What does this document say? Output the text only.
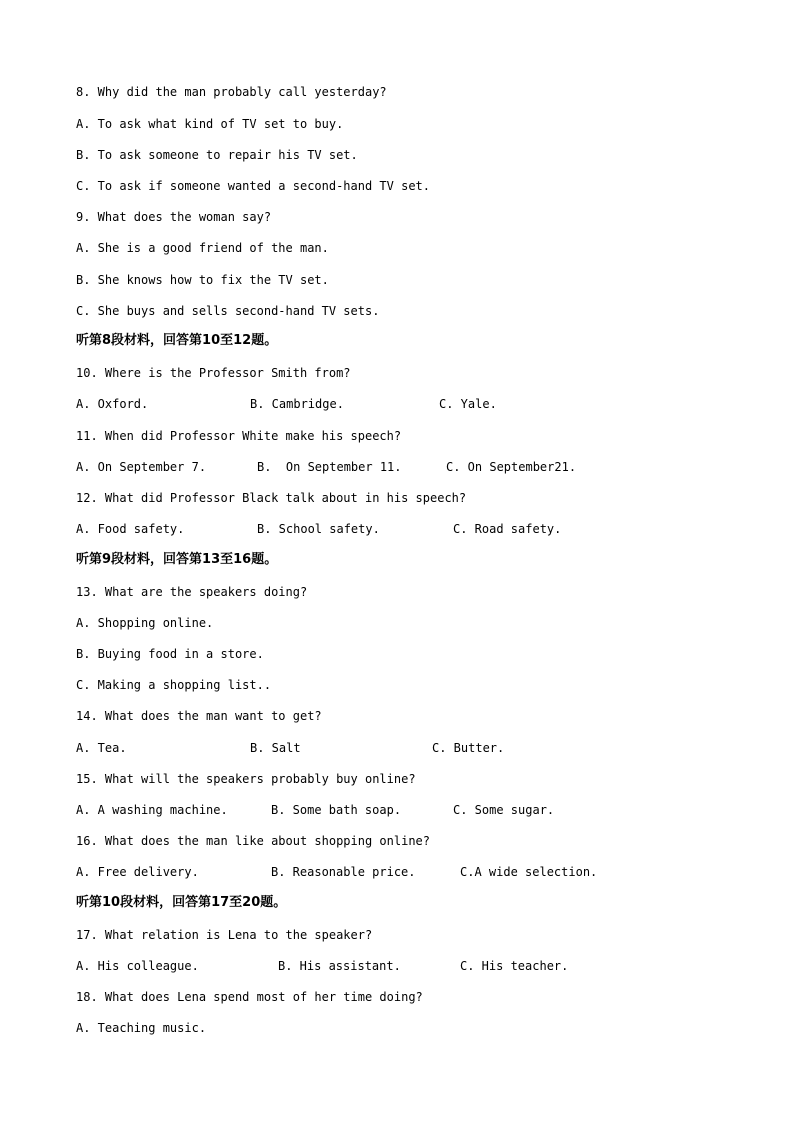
8. Why did the man probably call yesterday?

A. To ask what kind of TV set to buy.

B. To ask someone to repair his TV set.

C. To ask if someone wanted a second-hand TV set.

9. What does the woman say?

A. She is a good friend of the man.

B. She knows how to fix the TV set.

C. She buys and sells second-hand TV sets.

听第8段材料，回答第10至12题。

10. Where is the Professor Smith from?

A. Oxford.

	B. Cambridge.

	C. Yale.

11. When did Professor White make his speech?

A. On September 7.

	B.  On September 11.

	C. On September21.

12. What did Professor Black talk about in his speech?

A. Food safety.

	B. School safety.

	C. Road safety.

听第9段材料，回答第13至16题。

13. What are the speakers doing?

A. Shopping online.

B. Buying food in a store.

C. Making a shopping list..

14. What does the man want to get?

A. Tea.

	B. Salt

	C. Butter.

15. What will the speakers probably buy online?

A. A washing machine.

	B. Some bath soap.

	C. Some sugar.

16. What does the man like about shopping online?

A. Free delivery.

	B. Reasonable price.

	C.A wide selection.

听第10段材料，回答第17至20题。

17. What relation is Lena to the speaker?

A. His colleague.

	B. His assistant.

	C. His teacher.

18. What does Lena spend most of her time doing?

A. Teaching music.
